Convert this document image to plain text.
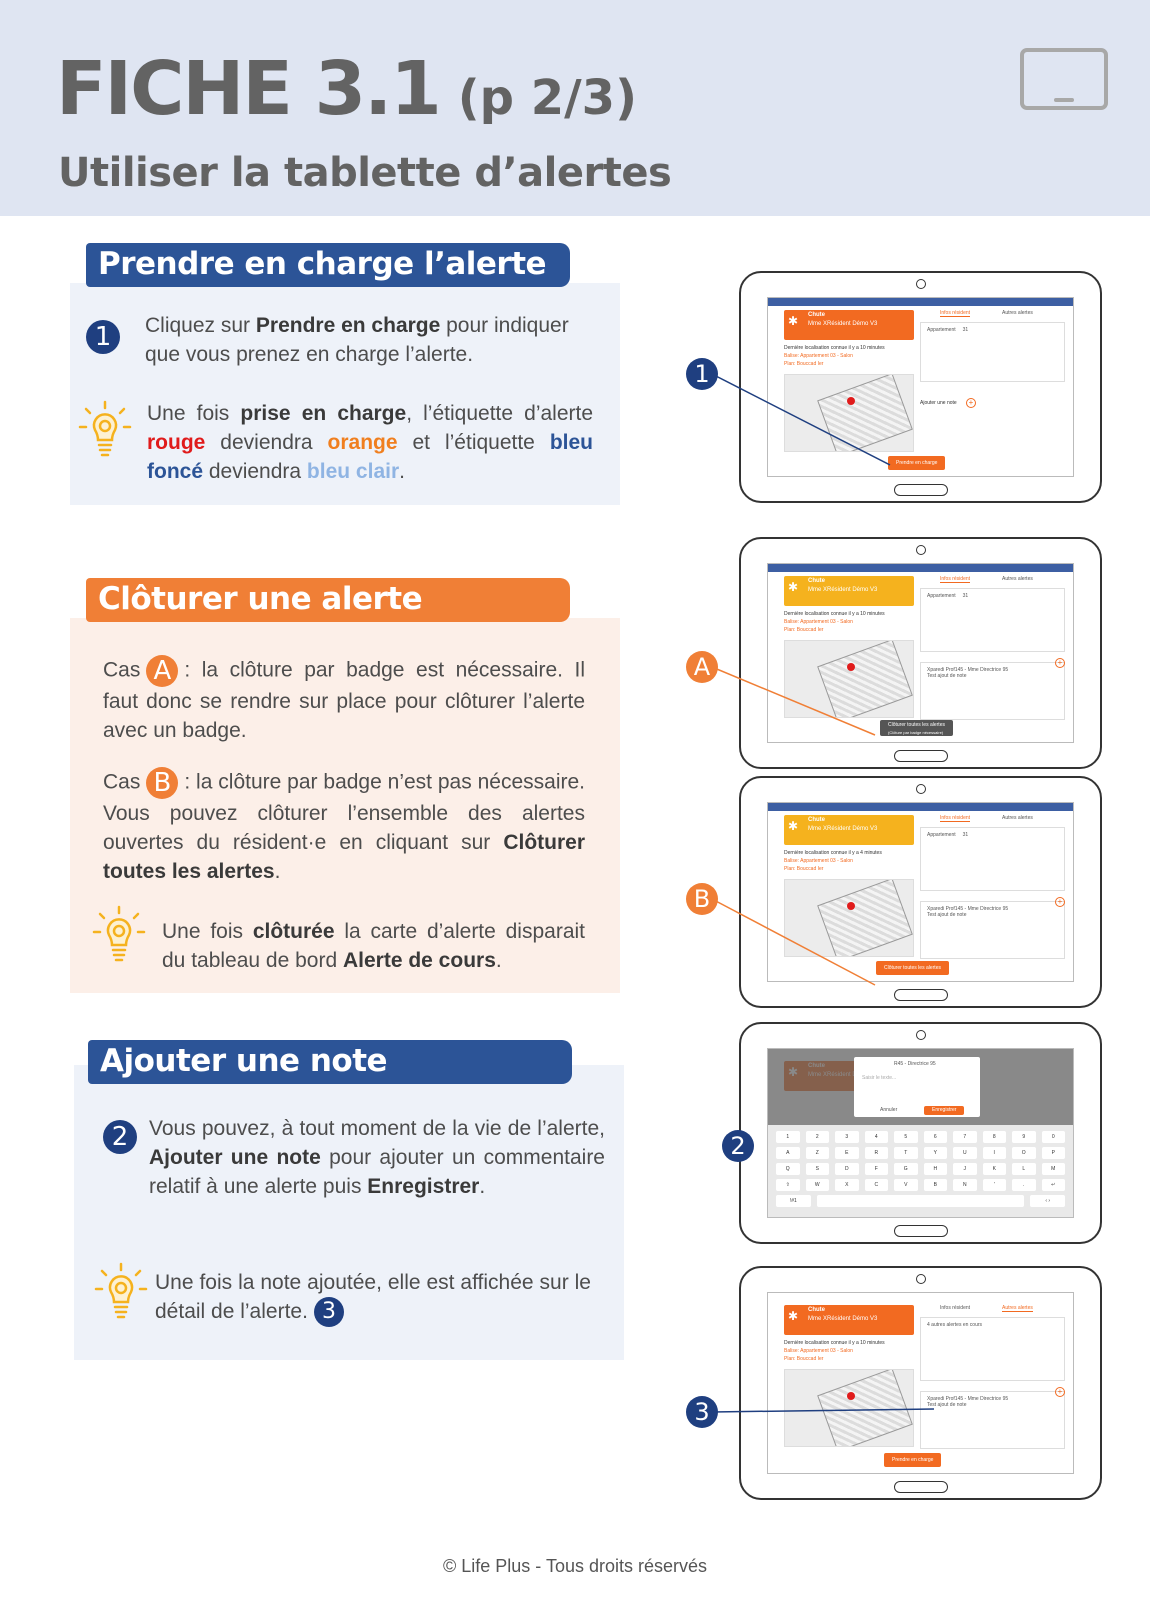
FICHE 3.1 (p 2/3)
Utiliser la tablette d’alertes
Prendre en charge l’alerte
1	Cliquez sur Prendre en charge pour indiquer que vous prenez en charge l’alerte.
Une fois prise en charge, l’étiquette d’alerte rouge deviendra orange et l’étiquette bleu foncé deviendra bleu clair.
Clôturer une alerte
Cas A : la clôture par badge est nécessaire. Il faut donc se rendre sur place pour clôturer l’alerte avec un badge.
Cas B : la clôture par badge n’est pas nécessaire. Vous pouvez clôturer l’ensemble des alertes ouvertes du résident·e en cliquant sur Clôturer toutes les alertes.
Une fois clôturée la carte d’alerte disparait du tableau de bord Alerte de cours.
Ajouter une note
2 Vous pouvez, à tout moment de la vie de l’alerte, Ajouter une note pour ajouter un commentaire relatif à une alerte puis Enregistrer.
Une fois la note ajoutée, elle est affichée sur le détail de l’alerte. 3
✱	Chute
Mme XRésident Démo V3
Dernière localisation connue il y a 10 minutes
Balise: Appartement 03 - Salon
Plan: Bouccad Ier
Infos résident	Autres alertes
Appartement 31
Ajouter une note	+
Prendre en charge
✱	Chute
Mme XRésident Démo V3
Dernière localisation connue il y a 10 minutes
Balise: Appartement 03 - Salon
Plan: Bouccad Ier
Infos résident	Autres alertes
Appartement 31
Xparedi Prof145 - Mme Directrice 95
Test ajout de note
+
Clôturer toutes les alertes
(Clôture par badge nécessaire)
✱	Chute
Mme XRésident Démo V3
Dernière localisation connue il y a 4 minutes
Balise: Appartement 03 - Salon
Plan: Bouccad Ier
Infos résident	Autres alertes
Appartement 31
Xparedi Prof145 - Mme Directrice 95
Test ajout de note
+
Clôturer toutes les alertes
R45 - Directrice 95
Saisir le texte...
Annuler	Enregistrer
1	2	3	4	5	6	7	8	9	0
A	Z	E	R	T	Y	U	I	O	P
Q	S	D	F	G	H	J	K	L	M
⇧	W	X	C	V	B	N	'	.	↵
!#1	‹ ›
✱	Chute
Mme XRésident Démo V3
Dernière localisation connue il y a 10 minutes
Balise: Appartement 03 - Salon
Plan: Bouccad Ier
Infos résident	Autres alertes
4 autres alertes en cours
Xparedi Prof145 - Mme Directrice 95
Test ajout de note
+
Prendre en charge
1
A
B
2
3
© Life Plus - Tous droits réservés
